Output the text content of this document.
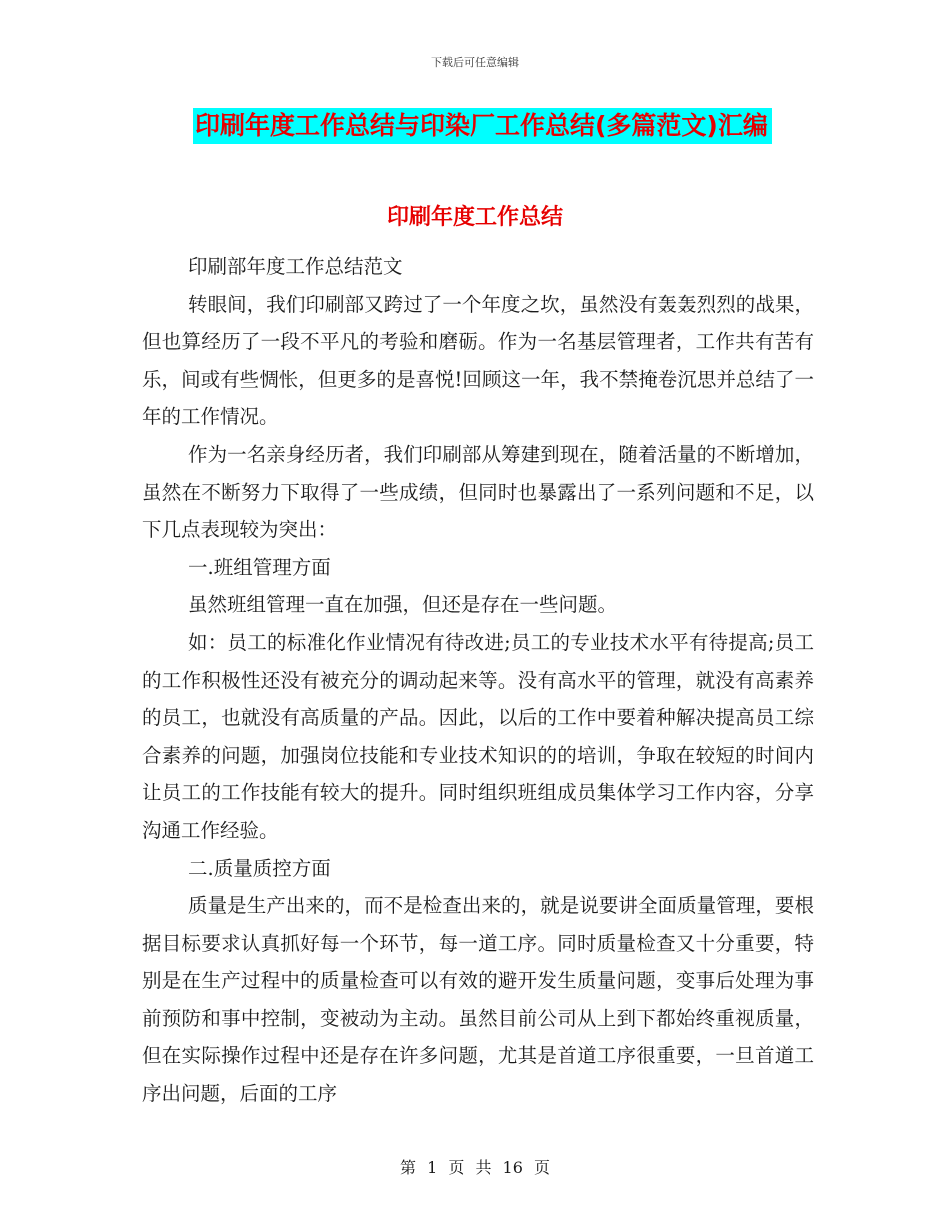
下载后可任意编辑
印刷年度工作总结与印染厂工作总结(多篇范文)汇编
印刷年度工作总结

印刷部年度工作总结范文

转眼间，我们印刷部又跨过了一个年度之坎，虽然没有轰轰烈烈的战果，但也算经历了一段不平凡的考验和磨砺。作为一名基层管理者，工作共有苦有乐，间或有些惆怅，但更多的是喜悦!回顾这一年，我不禁掩卷沉思并总结了一年的工作情况。

作为一名亲身经历者，我们印刷部从筹建到现在，随着活量的不断增加，虽然在不断努力下取得了一些成绩，但同时也暴露出了一系列问题和不足，以下几点表现较为突出：

一.班组管理方面

虽然班组管理一直在加强，但还是存在一些问题。

如：员工的标准化作业情况有待改进;员工的专业技术水平有待提高;员工的工作积极性还没有被充分的调动起来等。没有高水平的管理，就没有高素养的员工，也就没有高质量的产品。因此，以后的工作中要着种解决提高员工综合素养的问题，加强岗位技能和专业技术知识的的培训，争取在较短的时间内让员工的工作技能有较大的提升。同时组织班组成员集体学习工作内容，分享沟通工作经验。

二.质量质控方面

质量是生产出来的，而不是检查出来的，就是说要讲全面质量管理，要根据目标要求认真抓好每一个环节，每一道工序。同时质量检查又十分重要，特别是在生产过程中的质量检查可以有效的避开发生质量问题，变事后处理为事前预防和事中控制，变被动为主动。虽然目前公司从上到下都始终重视质量，但在实际操作过程中还是存在许多问题，尤其是首道工序很重要，一旦首道工序出问题，后面的工序

第 1 页 共 16 页
